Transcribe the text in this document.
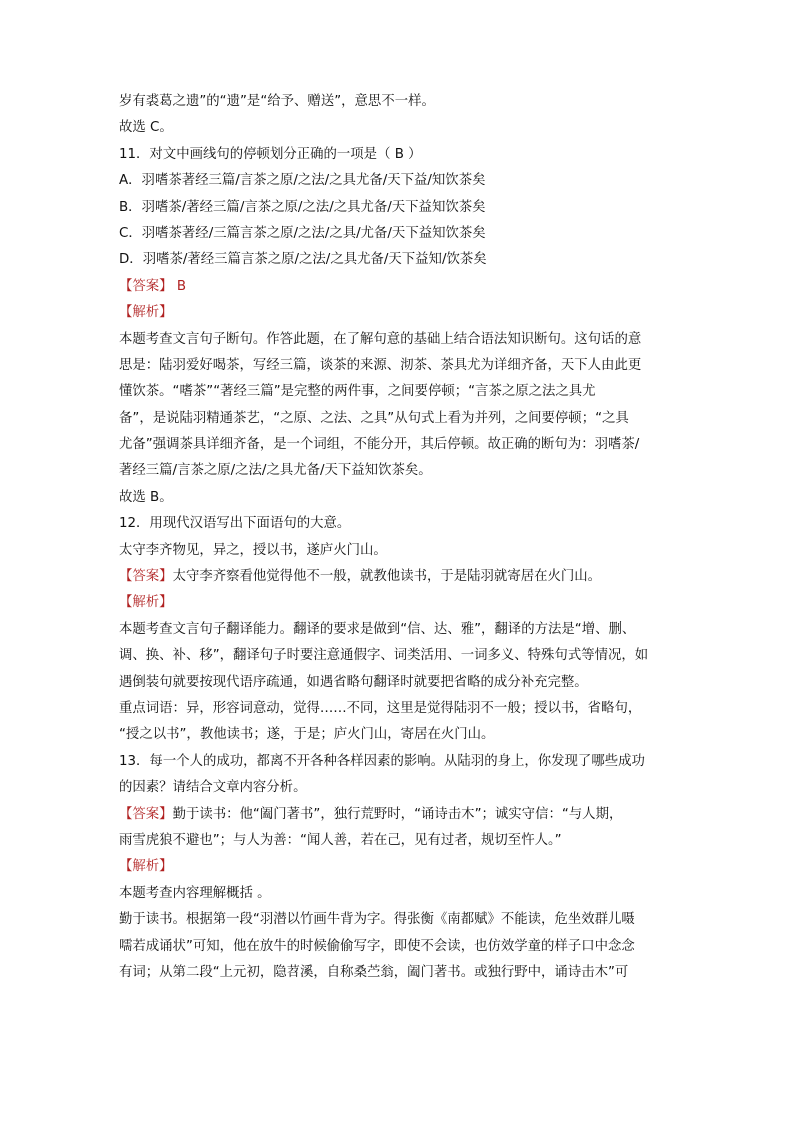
岁有裘葛之遗”的“遗”是“给予、赠送”，意思不一样。
故选 C。
11．对文中画线句的停顿划分正确的一项是（ B ）
A．羽嗜茶著经三篇/言茶之原/之法/之具尤备/天下益/知饮茶矣
B．羽嗜茶/著经三篇/言茶之原/之法/之具尤备/天下益知饮茶矣
C．羽嗜茶著经/三篇言茶之原/之法/之具/尤备/天下益知饮茶矣
D．羽嗜茶/著经三篇言茶之原/之法/之具尤备/天下益知/饮茶矣
【答案】 B
【解析】
本题考查文言句子断句。作答此题，在了解句意的基础上结合语法知识断句。这句话的意
思是：陆羽爱好喝茶，写经三篇，谈茶的来源、沏茶、茶具尤为详细齐备，天下人由此更
懂饮茶。“嗜茶”“著经三篇”是完整的两件事，之间要停顿；“言茶之原之法之具尤
备”，是说陆羽精通茶艺，“之原、之法、之具”从句式上看为并列，之间要停顿；“之具
尤备”强调茶具详细齐备，是一个词组，不能分开，其后停顿。故正确的断句为：羽嗜茶/
著经三篇/言茶之原/之法/之具尤备/天下益知饮茶矣。
故选 B。
12．用现代汉语写出下面语句的大意。
太守李齐物见，异之，授以书，遂庐火门山。
【答案】太守李齐察看他觉得他不一般，就教他读书，于是陆羽就寄居在火门山。
【解析】
本题考查文言句子翻译能力。翻译的要求是做到“信、达、雅”，翻译的方法是“增、删、
调、换、补、移”，翻译句子时要注意通假字、词类活用、一词多义、特殊句式等情况，如
遇倒装句就要按现代语序疏通，如遇省略句翻译时就要把省略的成分补充完整。
重点词语：异，形容词意动，觉得……不同，这里是觉得陆羽不一般；授以书，省略句，
“授之以书”，教他读书；遂，于是；庐火门山，寄居在火门山。
13．每一个人的成功，都离不开各种各样因素的影响。从陆羽的身上，你发现了哪些成功
的因素？请结合文章内容分析。
【答案】勤于读书：他“阖门著书”，独行荒野时，“诵诗击木”；诚实守信：“与人期，
雨雪虎狼不避也”；与人为善：“闻人善，若在己，见有过者，规切至忤人。”
【解析】
本题考查内容理解概括 。
勤于读书。根据第一段“羽潜以竹画牛背为字。得张衡《南都赋》不能读，危坐效群儿嗫
嚅若成诵状”可知，他在放牛的时候偷偷写字，即使不会读，也仿效学童的样子口中念念
有词；从第二段“上元初，隐苕溪，自称桑苎翁，阖门著书。或独行野中，诵诗击木”可
